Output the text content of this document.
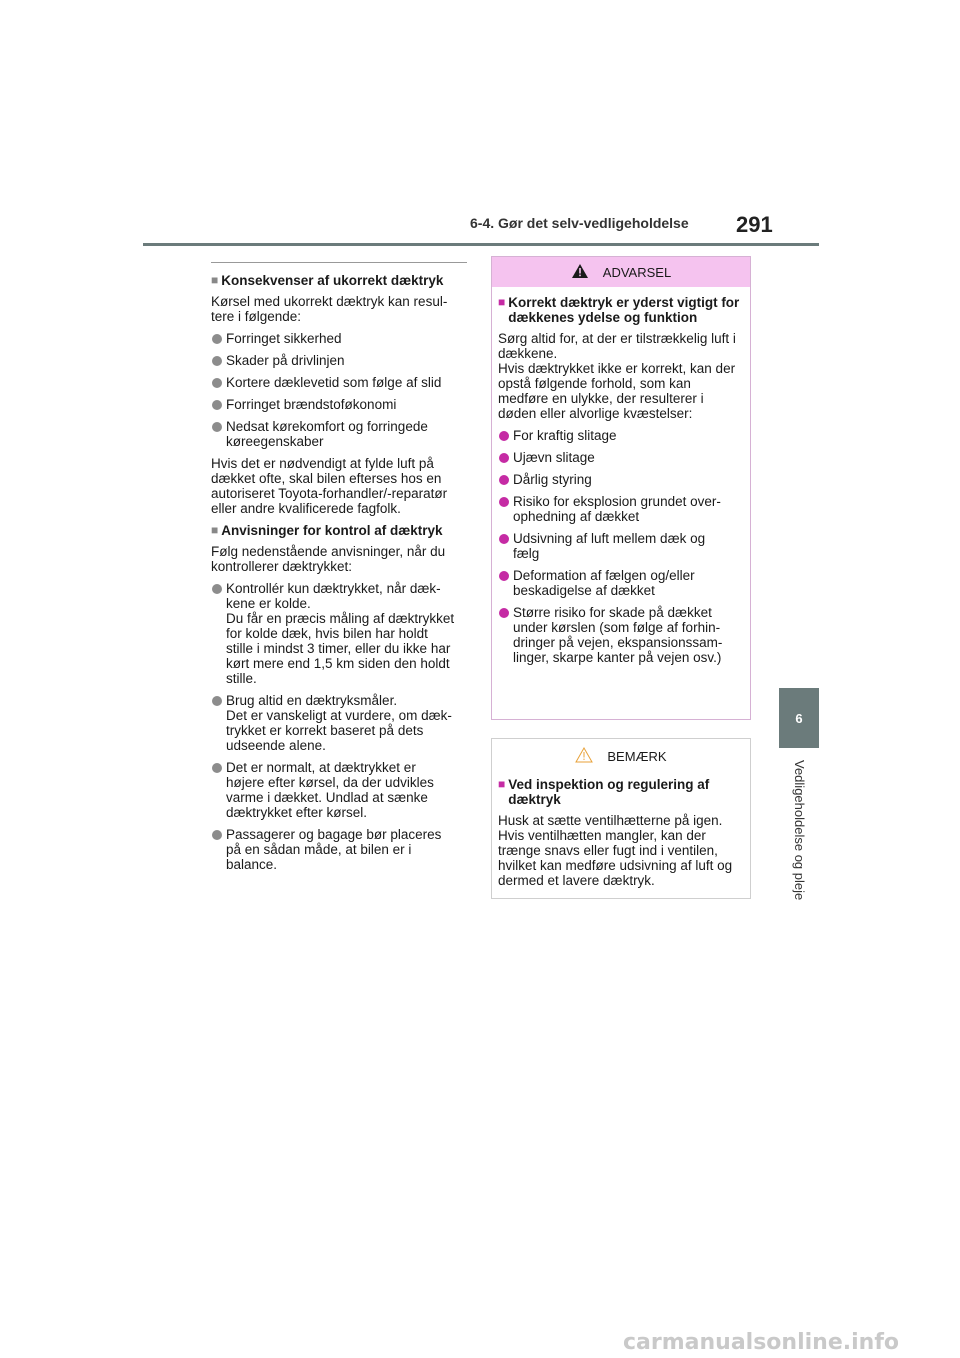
6-4. Gør det selv-vedligeholdelse 291
6
Vedligeholdelse og pleje
■ Konsekvenser af ukorrekt dæktryk

Kørsel med ukorrekt dæktryk kan resul-tere i følgende:

Forringet sikkerhed
Skader på drivlinjen
Kortere dæklevetid som følge af slid
Forringet brændstoføkonomi
Nedsat kørekomfort og forringede
køreegenskaber

Hvis det er nødvendigt at fylde luft på dækket ofte, skal bilen efterses hos en autoriseret Toyota-forhandler/-reparatør eller andre kvalificerede fagfolk.

■ Anvisninger for kontrol af dæktryk

Følg nedenstående anvisninger, når du kontrollerer dæktrykket:

Kontrollér kun dæktrykket, når dæk-
kene er kolde.
Du får en præcis måling af dæktrykket
for kolde dæk, hvis bilen har holdt
stille i mindst 3 timer, eller du ikke har
kørt mere end 1,5 km siden den holdt
stille.
Brug altid en dæktryksmåler.
Det er vanskeligt at vurdere, om dæk-
trykket er korrekt baseret på dets
udseende alene.
Det er normalt, at dæktrykket er
højere efter kørsel, da der udvikles
varme i dækket. Undlad at sænke
dæktrykket efter kørsel.
Passagerer og bagage bør placeres
på en sådan måde, at bilen er i
balance.
ADVARSEL
■ Korrekt dæktryk er yderst vigtigt for dækkenes ydelse og funktion

Sørg altid for, at der er tilstrækkelig luft i dækkene.
Hvis dæktrykket ikke er korrekt, kan der opstå følgende forhold, som kan medføre en ulykke, der resulterer i døden eller alvorlige kvæstelser:

For kraftig slitage
Ujævn slitage
Dårlig styring
Risiko for eksplosion grundet over-
ophedning af dækket
Udsivning af luft mellem dæk og
fælg
Deformation af fælgen og/eller
beskadigelse af dækket
Større risiko for skade på dækket
under kørslen (som følge af forhin-
dringer på vejen, ekspansionssam-
linger, skarpe kanter på vejen osv.)
BEMÆRK
■ Ved inspektion og regulering af dæktryk

Husk at sætte ventilhætterne på igen. Hvis ventilhætten mangler, kan der trænge snavs eller fugt ind i ventilen, hvilket kan medføre udsivning af luft og dermed et lavere dæktryk.

carmanualsonline.info
